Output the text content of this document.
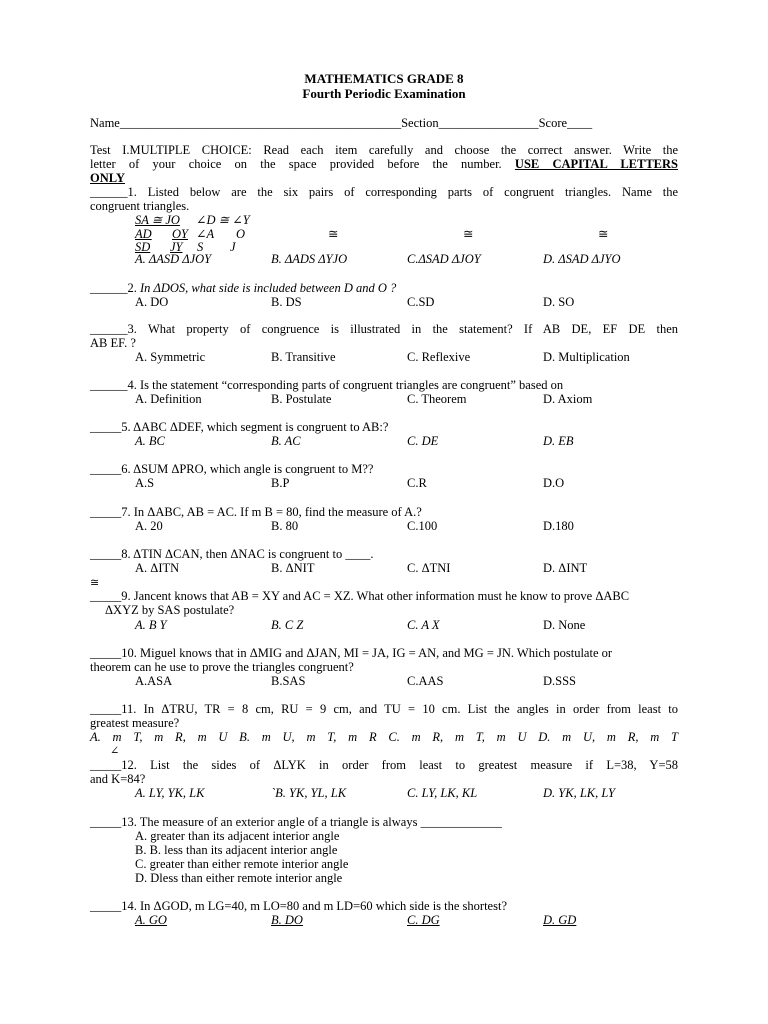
MATHEMATICS GRADE 8
Fourth Periodic Examination
Name_____________________________________________Section________________Score____
Test I.MULTIPLE CHOICE: Read each item carefully and choose the correct answer. Write the
letter of your choice on the space provided before the number. USE CAPITAL LETTERS
ONLY
______1. Listed below are the six pairs of corresponding parts of congruent triangles. Name the
congruent triangles.
SA ≅ JO ∠D ≅ ∠Y
AD OY ∠A O	≅	≅	≅
SD JY S J
A. ΔASD ΔJOY	B. ΔADS ΔYJO	C.ΔSAD ΔJOY	D. ΔSAD ΔJYO
______2. In ΔDOS, what side is included between D and O ?
A. DO	B. DS	C.SD	D. SO
______3. What property of congruence is illustrated in the statement? If AB DE, EF DE then
AB EF. ?
A. Symmetric	B. Transitive	C. Reflexive	D. Multiplication
______4. Is the statement “corresponding parts of congruent triangles are congruent” based on
A. Definition	B. Postulate	C. Theorem	D. Axiom
_____5. ΔABC ΔDEF, which segment is congruent to AB:?
A. BC	B. AC	C. DE	D. EB
_____6. ΔSUM ΔPRO, which angle is congruent to M??
A.S	B.P	C.R	D.O
_____7. In ΔABC, AB = AC. If m B = 80, find the measure of A.?
A. 20	B. 80	C.100	D.180
_____8. ΔTIN ΔCAN, then ΔNAC is congruent to ____.
A. ΔITN	B. ΔNIT	C. ΔTNI	D. ΔINT
≅
_____9. Jancent knows that AB = XY and AC = XZ. What other information must he know to prove ΔABC
ΔXYZ by SAS postulate?
A. B Y	B. C Z	C. A X	D. None
_____10. Miguel knows that in ΔMIG and ΔJAN, MI = JA, IG = AN, and MG = JN. Which postulate or
theorem can he use to prove the triangles congruent?
A.ASA	B.SAS	C.AAS	D.SSS
_____11. In ΔTRU, TR = 8 cm, RU = 9 cm, and TU = 10 cm. List the angles in order from least to
greatest measure?
A. m T, m R, m U B. m U, m T, m R C. m R, m T, m U D. m U, m R, m T
∠
_____12. List the sides of ΔLYK in order from least to greatest measure if L=38, Y=58
and K=84?
A. LY, YK, LK	`B. YK, YL, LK	C. LY, LK, KL	D. YK, LK, LY
_____13. The measure of an exterior angle of a triangle is always _____________
A. greater than its adjacent interior angle
B. B. less than its adjacent interior angle
C. greater than either remote interior angle
D. Dless than either remote interior angle
_____14. In ΔGOD, m LG=40, m LO=80 and m LD=60 which side is the shortest?
A. GO	B. DO	C. DG	D. GD
